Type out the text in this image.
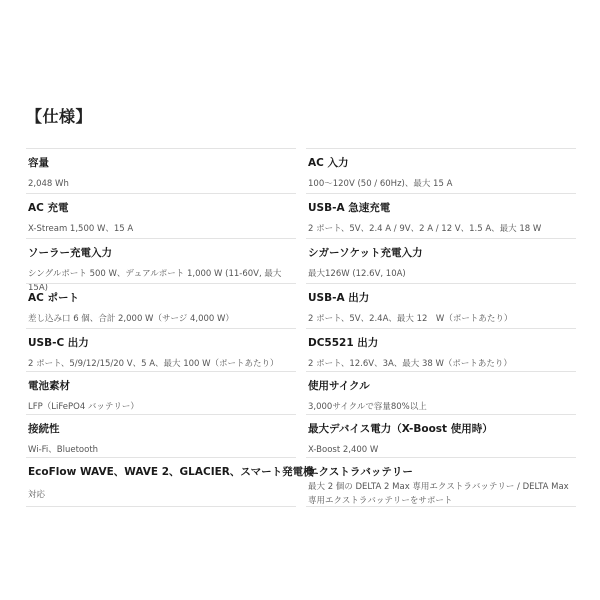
【仕様】
容量
2,048 Wh
AC 充電
X-Stream 1,500 W、15 A
ソーラー充電入力
シングルポート 500 W、デュアルポート 1,000 W (11-60V, 最大15A)
AC ポート
差し込み口 6 個、合計 2,000 W（サージ 4,000 W）
USB-C 出力
2 ポート、5/9/12/15/20 V、5 A、最大 100 W（ポートあたり）
電池素材
LFP（LiFePO4 バッテリー）
接続性
Wi-Fi、Bluetooth
EcoFlow WAVE、WAVE 2、GLACIER、スマート発電機
対応
AC 入力
100～120V (50 / 60Hz)、最大 15 A
USB-A 急速充電
2 ポート、5V、2.4 A / 9V、2 A / 12 V、1.5 A、最大 18 W
シガーソケット充電入力
最大126W (12.6V, 10A)
USB-A 出力
2 ポート、5V、2.4A、最大 12　W（ポートあたり）
DC5521 出力
2 ポート、12.6V、3A、最大 38 W（ポートあたり）
使用サイクル
3,000サイクルで容量80%以上
最大デバイス電力（X-Boost 使用時）
X-Boost 2,400 W
エクストラバッテリー
最大 2 個の DELTA 2 Max 専用エクストラバッテリー / DELTA Max 専用エクストラバッテリーをサポート
